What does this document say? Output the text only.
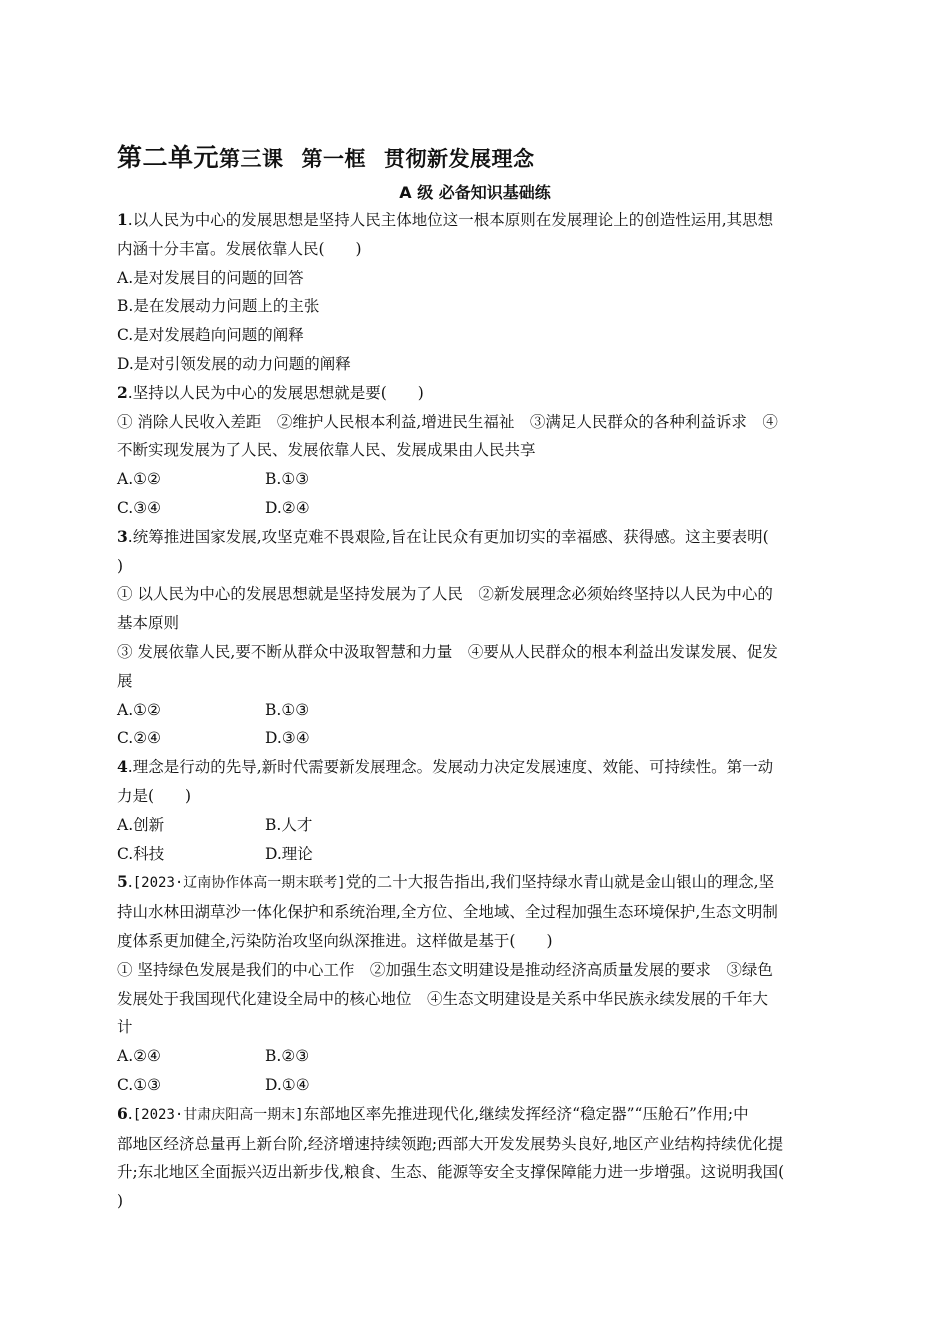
第二单元第三课 第一框 贯彻新发展理念
A 级 必备知识基础练
1.以人民为中心的发展思想是坚持人民主体地位这一根本原则在发展理论上的创造性运用,其思想
内涵十分丰富。发展依靠人民(　　)
A.是对发展目的问题的回答
B.是在发展动力问题上的主张
C.是对发展趋向问题的阐释
D.是对引领发展的动力问题的阐释
2.坚持以人民为中心的发展思想就是要(　　)
① 消除人民收入差距　②维护人民根本利益,增进民生福祉　③满足人民群众的各种利益诉求　④
不断实现发展为了人民、发展依靠人民、发展成果由人民共享
A.①②	B.①③
C.③④	D.②④
3.统筹推进国家发展,攻坚克难不畏艰险,旨在让民众有更加切实的幸福感、获得感。这主要表明(
)
① 以人民为中心的发展思想就是坚持发展为了人民　②新发展理念必须始终坚持以人民为中心的
基本原则
③ 发展依靠人民,要不断从群众中汲取智慧和力量　④要从人民群众的根本利益出发谋发展、促发
展
A.①②	B.①③
C.②④	D.③④
4.理念是行动的先导,新时代需要新发展理念。发展动力决定发展速度、效能、可持续性。第一动
力是(　　)
A.创新	B.人才
C.科技	D.理论
5.[2023·辽南协作体高一期末联考]党的二十大报告指出,我们坚持绿水青山就是金山银山的理念,坚
持山水林田湖草沙一体化保护和系统治理,全方位、全地域、全过程加强生态环境保护,生态文明制
度体系更加健全,污染防治攻坚向纵深推进。这样做是基于(　　)
① 坚持绿色发展是我们的中心工作　②加强生态文明建设是推动经济高质量发展的要求　③绿色
发展处于我国现代化建设全局中的核心地位　④生态文明建设是关系中华民族永续发展的千年大
计
A.②④	B.②③
C.①③	D.①④
6.[2023·甘肃庆阳高一期末]东部地区率先推进现代化,继续发挥经济“稳定器”“压舱石”作用;中
部地区经济总量再上新台阶,经济增速持续领跑;西部大开发发展势头良好,地区产业结构持续优化提
升;东北地区全面振兴迈出新步伐,粮食、生态、能源等安全支撑保障能力进一步增强。这说明我国(
)
